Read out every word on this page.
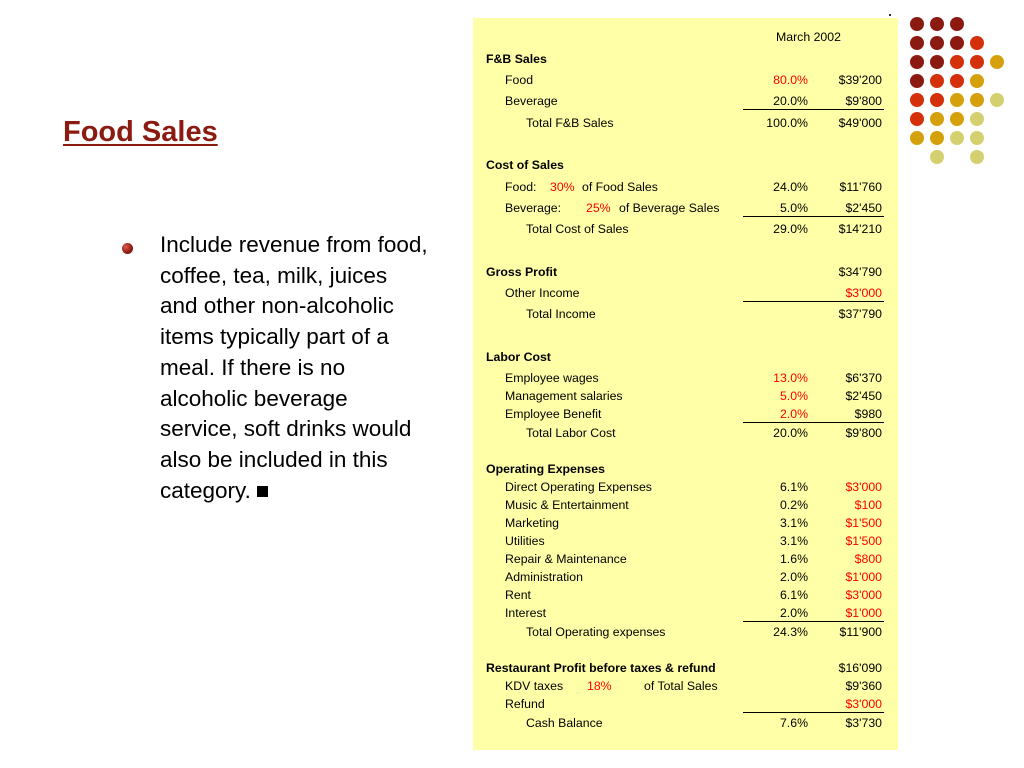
Food Sales
Include revenue from food, coffee, tea, milk, juices and other non-alcoholic items typically part of a meal. If there is no alcoholic beverage service, soft drinks would also be included in this category.
March 2002
F&B Sales
Food	80.0% $39'200
Beverage	20.0%	$9'800
Total F&B Sales	100.0% $49'000
Cost of Sales
Food: 30% of Food Sales	24.0%	$11'760
Beverage: 25% of Beverage Sales	5.0%	$2'450
Total Cost of Sales	29.0% $14'210
Gross Profit	$34'790
Other Income	$3'000
Total Income	$37'790
Labor Cost
Employee wages	13.0%	$6'370
Management salaries	5.0%	$2'450
Employee Benefit	2.0%	$980
Total Labor Cost	20.0%	$9'800
Operating Expenses
Direct Operating Expenses	6.1%	$3'000
Music & Entertainment	0.2%	$100
Marketing	3.1%	$1'500
Utilities	3.1%	$1'500
Repair & Maintenance	1.6%	$800
Administration	2.0%	$1'000
Rent	6.1%	$3'000
Interest	2.0%	$1'000
Total Operating expenses	24.3%	$11'900
Restaurant Profit before taxes & refund	$16'090
KDV taxes 18%	of Total Sales	$9'360
Refund	$3'000
Cash Balance	7.6%	$3'730
